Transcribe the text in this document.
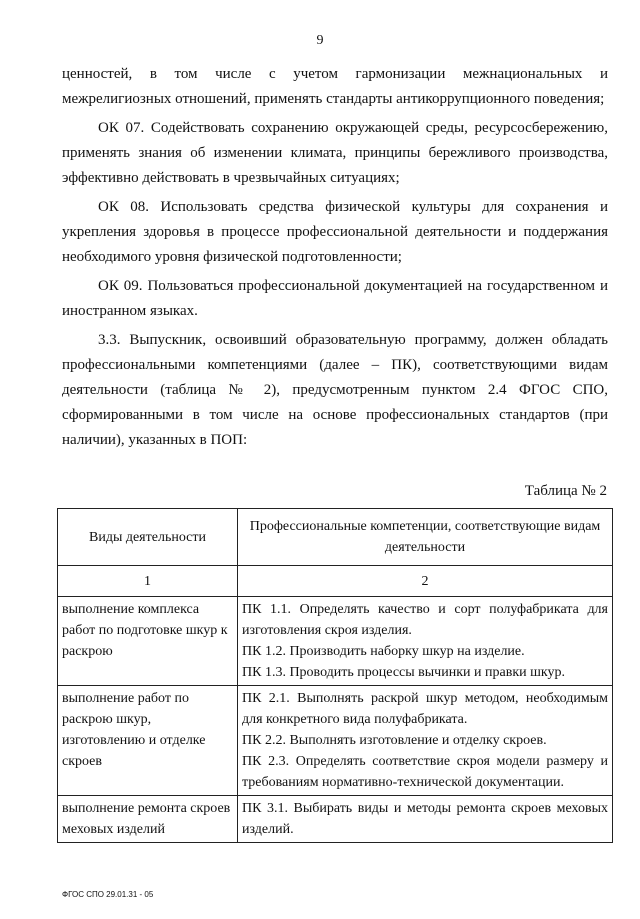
9

ценностей, в том числе с учетом гармонизации межнациональных и межрелигиозных отношений, применять стандарты антикоррупционного поведения;

ОК 07. Содействовать сохранению окружающей среды, ресурсосбережению, применять знания об изменении климата, принципы бережливого производства, эффективно действовать в чрезвычайных ситуациях;

ОК 08. Использовать средства физической культуры для сохранения и укрепления здоровья в процессе профессиональной деятельности и поддержания необходимого уровня физической подготовленности;

ОК 09. Пользоваться профессиональной документацией на государственном и иностранном языках.

3.3. Выпускник, освоивший образовательную программу, должен обладать профессиональными компетенциями (далее – ПК), соответствующими видам деятельности (таблица № 2), предусмотренным пунктом 2.4 ФГОС СПО, сформированными в том числе на основе профессиональных стандартов (при наличии), указанных в ПОП:

Таблица № 2
Виды деятельности	Профессиональные компетенции, соответствующие видам деятельности
1	2
выполнение комплекса работ по подготовке шкур к раскрою	ПК 1.1. Определять качество и сорт полуфабриката для изготовления скроя изделия.
ПК 1.2. Производить наборку шкур на изделие.
ПК 1.3. Проводить процессы вычинки и правки шкур.

выполнение работ по раскрою шкур, изготовлению и отделке скроев	ПК 2.1. Выполнять раскрой шкур методом, необходимым для конкретного вида полуфабриката.
ПК 2.2. Выполнять изготовление и отделку скроев.
ПК 2.3. Определять соответствие скроя модели размеру и требованиям нормативно-технической документации.

выполнение ремонта скроев меховых изделий	ПК 3.1. Выбирать виды и методы ремонта скроев меховых изделий.
ФГОС СПО 29.01.31 - 05
